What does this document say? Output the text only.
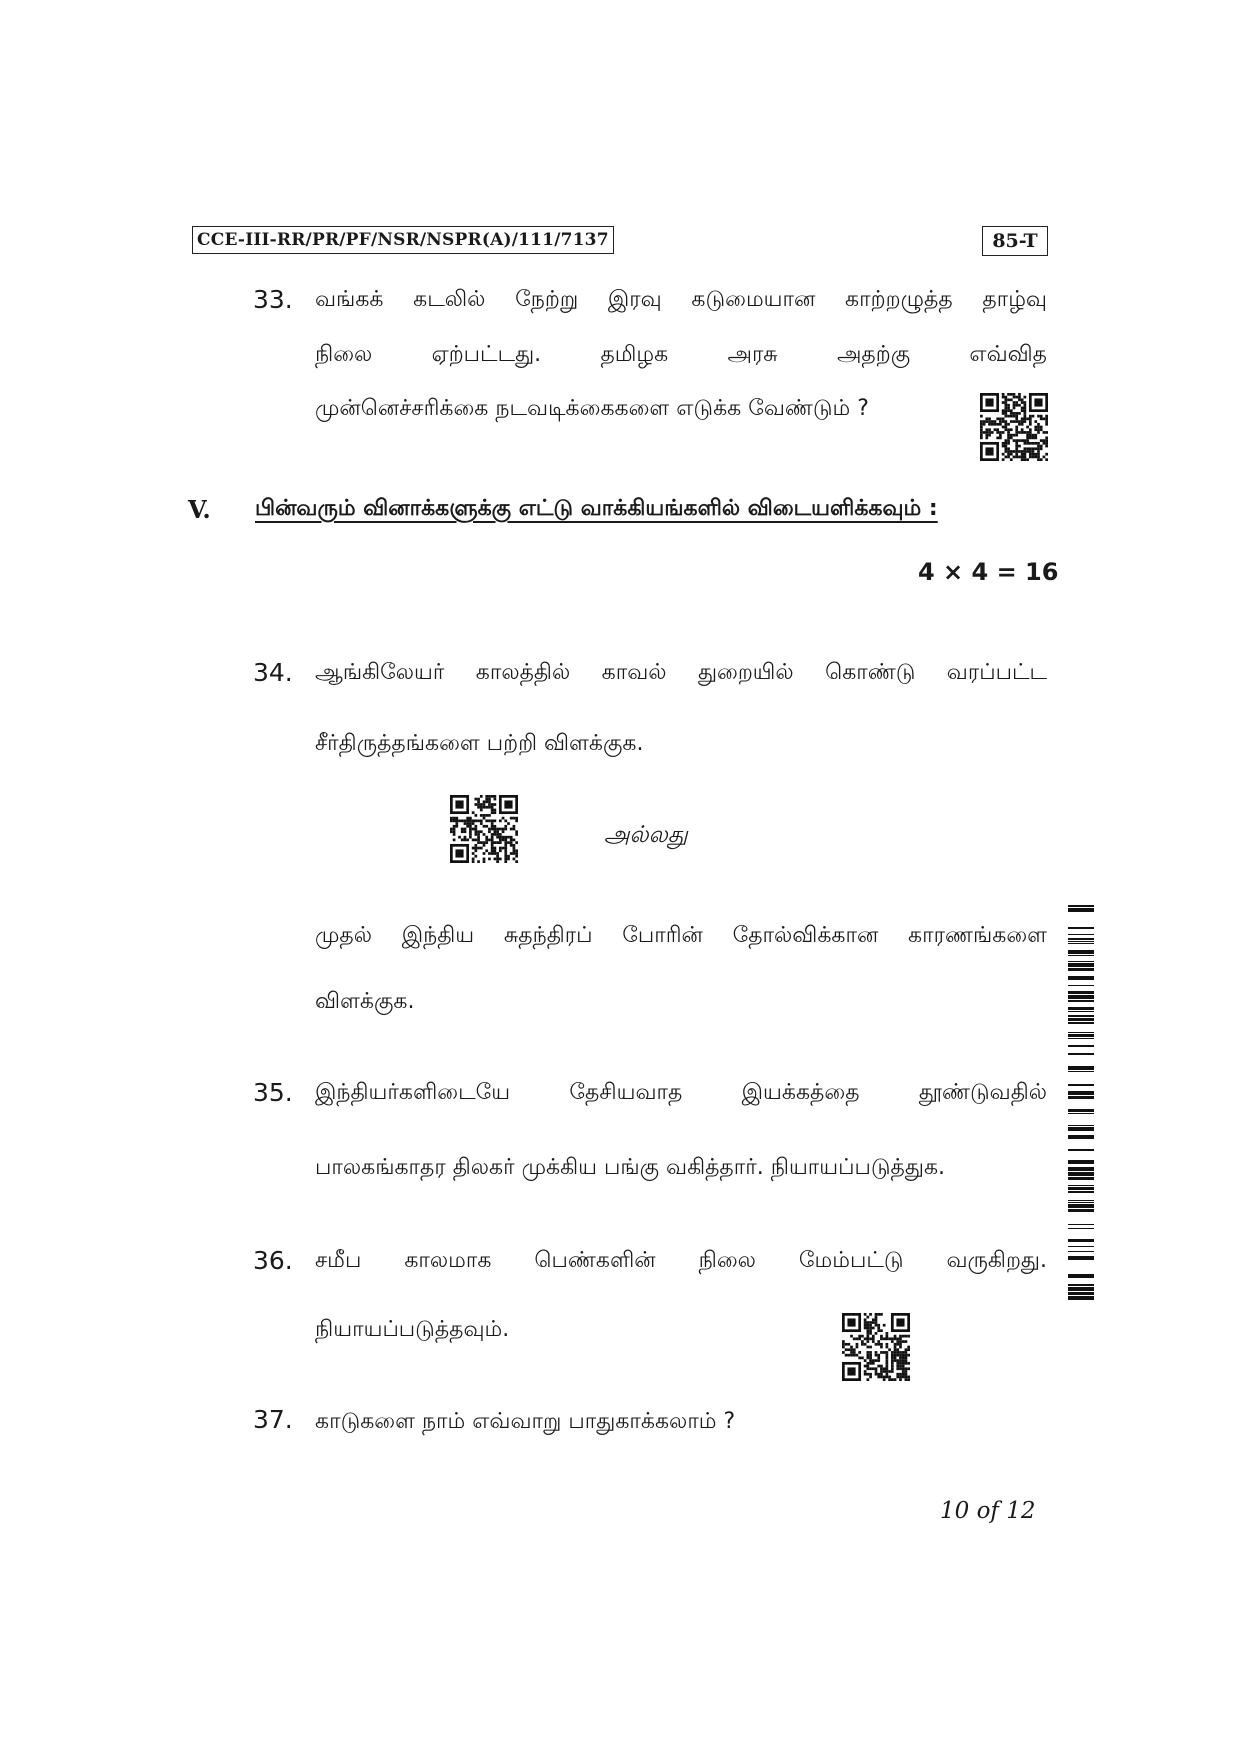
CCE-III-RR/PR/PF/NSR/NSPR(A)/111/7137	85-T
33. வங்கக் கடலில் நேற்று இரவு கடுமையான காற்றழுத்த தாழ்வு
நிலை ஏற்பட்டது. தமிழக அரசு அதற்கு எவ்வித
முன்னெச்சரிக்கை நடவடிக்கைகளை எடுக்க வேண்டும் ?
V. பின்வரும் வினாக்களுக்கு எட்டு வாக்கியங்களில் விடையளிக்கவும் :
4 × 4 = 16
34. ஆங்கிலேயர் காலத்தில் காவல் துறையில் கொண்டு வரப்பட்ட
சீர்திருத்தங்களை பற்றி விளக்குக.
அல்லது
முதல் இந்திய சுதந்திரப் போரின் தோல்விக்கான காரணங்களை
விளக்குக.
35. இந்தியர்களிடையே தேசியவாத இயக்கத்தை தூண்டுவதில்
பாலகங்காதர திலகர் முக்கிய பங்கு வகித்தார். நியாயப்படுத்துக.
36. சமீப காலமாக பெண்களின் நிலை மேம்பட்டு வருகிறது.
நியாயப்படுத்தவும்.
37. காடுகளை நாம் எவ்வாறு பாதுகாக்கலாம் ?
10 of 12
